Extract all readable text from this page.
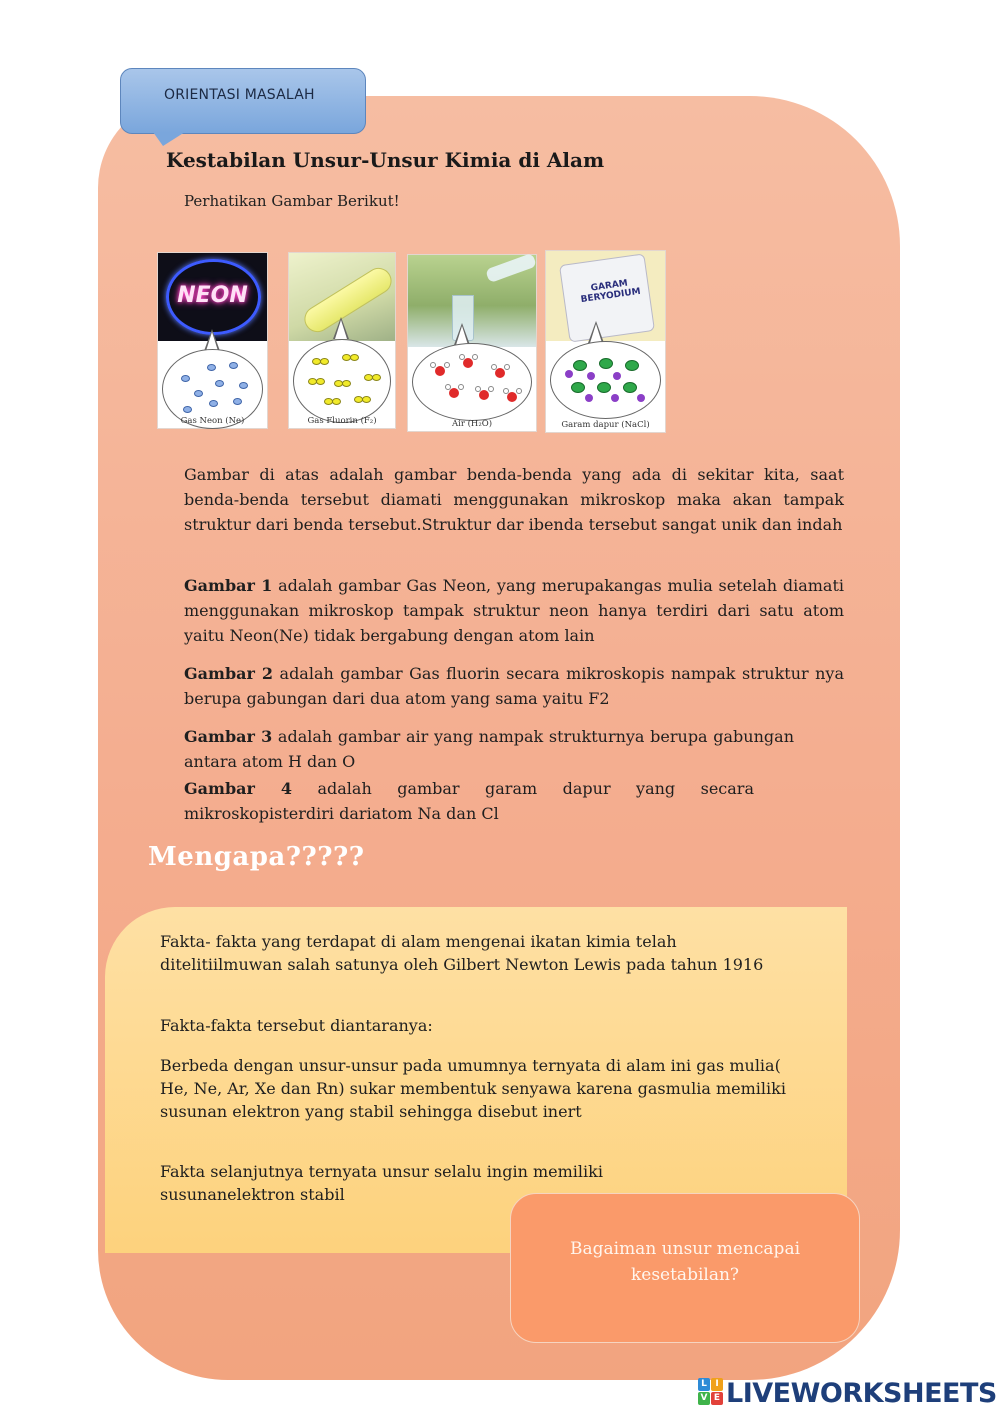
ORIENTASI MASALAH
Kestabilan Unsur-Unsur Kimia di Alam
Perhatikan Gambar Berikut!
NEON
Gas Neon (Ne)	Gas Fluorin (F₂)	Air (H₂O)
GARAM BERYODIUM
Garam dapur (NaCl)
Gambar di atas adalah gambar benda-benda yang ada di sekitar kita, saat benda-benda tersebut diamati menggunakan mikroskop maka akan tampak struktur dari benda tersebut.Struktur dar ibenda tersebut sangat unik dan indah
Gambar 1 adalah gambar Gas Neon, yang merupakangas mulia setelah diamati menggunakan mikroskop tampak struktur neon hanya terdiri dari satu atom yaitu Neon(Ne) tidak bergabung dengan atom lain
Gambar 2 adalah gambar Gas fluorin secara mikroskopis nampak struktur nya berupa gabungan dari dua atom yang sama yaitu F2
Gambar 3 adalah gambar air yang nampak strukturnya berupa gabungan antara atom H dan O
Gambar 4 adalah gambar garam dapur yang secara mikroskopisterdiri dariatom Na dan Cl
Mengapa?????
Fakta- fakta yang terdapat di alam mengenai ikatan kimia telah ditelitiilmuwan salah satunya oleh Gilbert Newton Lewis pada tahun 1916
Fakta-fakta tersebut diantaranya:
Berbeda dengan unsur-unsur pada umumnya ternyata di alam ini gas mulia( He, Ne, Ar, Xe dan Rn) sukar membentuk senyawa karena gasmulia memiliki susunan elektron yang stabil sehingga disebut inert
Fakta selanjutnya ternyata unsur selalu ingin memiliki susunanelektron stabil
Bagaiman unsur mencapai kesetabilan?
L I
V E LIVEWORKSHEETS
